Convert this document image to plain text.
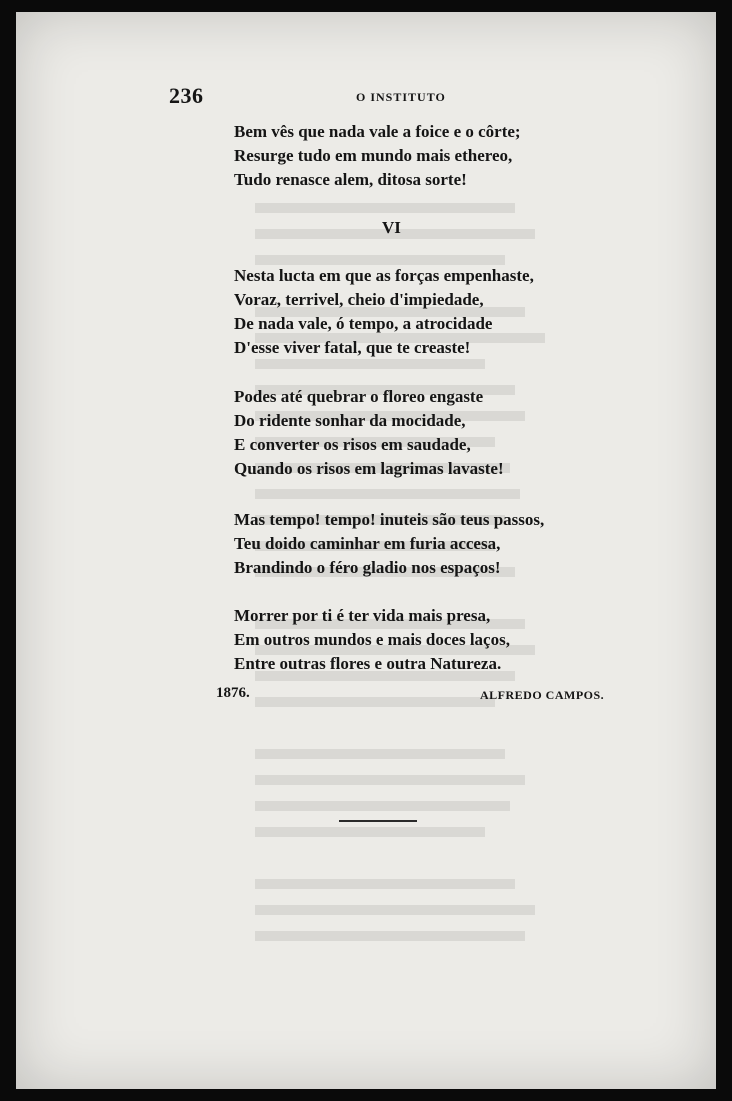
236	O INSTITUTO
Bem vês que nada vale a foice e o côrte;
Resurge tudo em mundo mais ethereo,
Tudo renasce alem, ditosa sorte!
VI
Nesta lucta em que as forças empenhaste,
Voraz, terrivel, cheio d'impiedade,
De nada vale, ó tempo, a atrocidade
D'esse viver fatal, que te creaste!
Podes até quebrar o floreo engaste
Do ridente sonhar da mocidade,
E converter os risos em saudade,
Quando os risos em lagrimas lavaste!
Mas tempo! tempo! inuteis são teus passos,
Teu doido caminhar em furia accesa,
Brandindo o féro gladio nos espaços!
Morrer por ti é ter vida mais presa,
Em outros mundos e mais doces laços,
Entre outras flores e outra Natureza.
1876.	ALFREDO CAMPOS.
